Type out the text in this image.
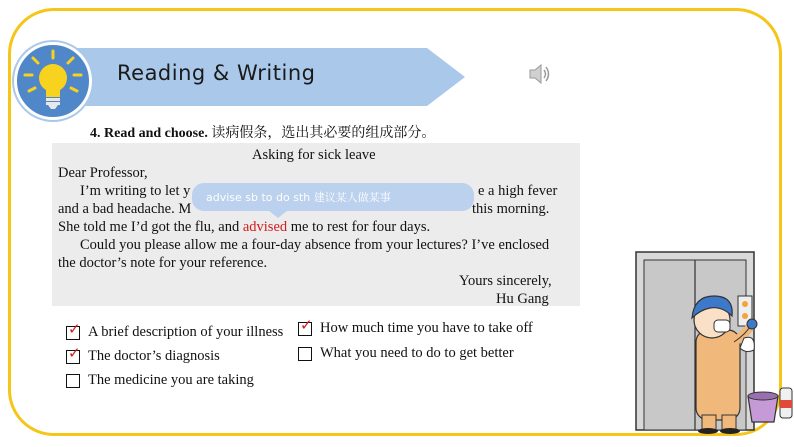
Reading & Writing
4. Read and choose. 读病假条，选出其必要的组成部分。
Asking for sick leave
Dear Professor,
I’m writing to let y	e a high fever
and a bad headache. M	this morning.
She told me I’d got the flu, and advised me to rest for four days.
Could you please allow me a four-day absence from your lectures? I’ve enclosed
the doctor’s note for your reference.
Yours sincerely,
Hu Gang
advise sb to do sth 建议某人做某事
✓ A brief description of your illness
✓ The doctor’s diagnosis
The medicine you are taking
✓ How much time you have to take off
What you need to do to get better
